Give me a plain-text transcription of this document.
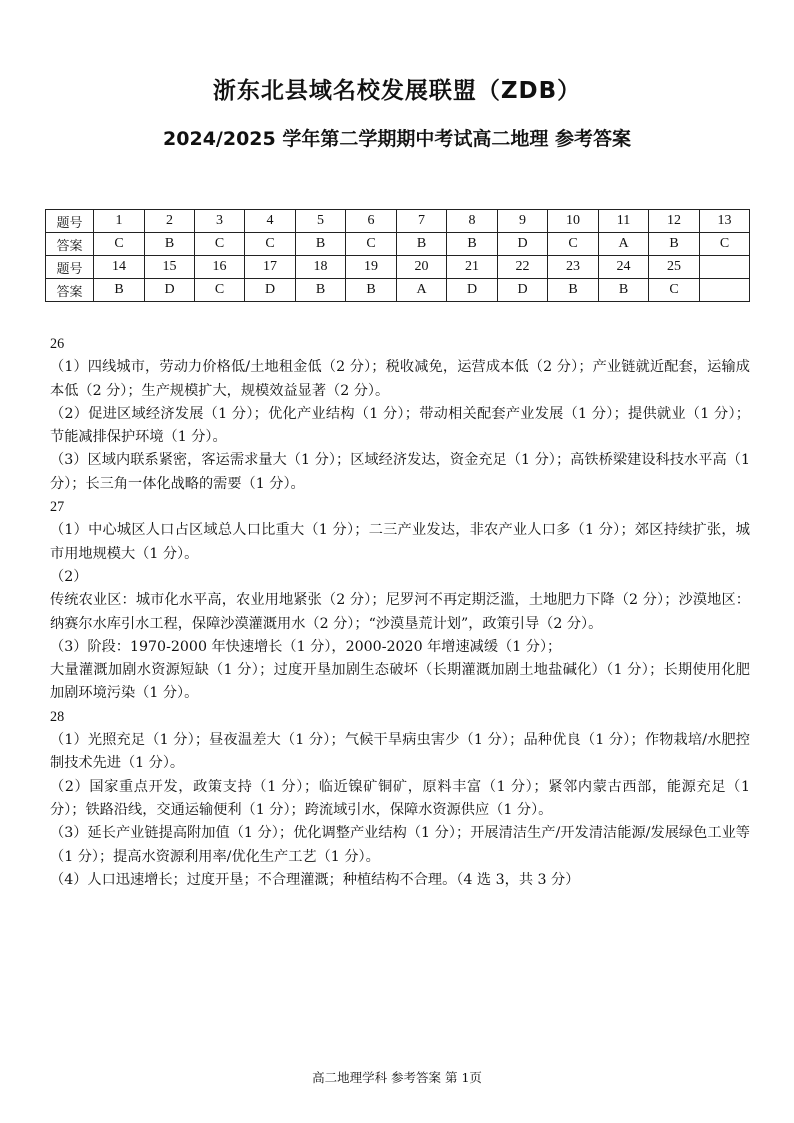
浙东北县域名校发展联盟（ZDB）
2024/2025 学年第二学期期中考试高二地理 参考答案
题号	1	2	3	4	5	6	7	8	9	10	11	12	13
答案	C	B	C	C	B	C	B	B	D	C	A	B	C
题号	14	15	16	17	18	19	20	21	22	23	24	25	
答案	B	D	C	D	B	B	A	D	D	B	B	C	

26

（1）四线城市，劳动力价格低/土地租金低（2 分）；税收减免，运营成本低（2 分）；产业链就近配套，运输成本低（2 分）；生产规模扩大，规模效益显著（2 分）。

（2）促进区域经济发展（1 分）；优化产业结构（1 分）；带动相关配套产业发展（1 分）；提供就业（1 分）；节能减排保护环境（1 分）。

（3）区域内联系紧密，客运需求量大（1 分）；区域经济发达，资金充足（1 分）；高铁桥梁建设科技水平高（1 分）；长三角一体化战略的需要（1 分）。

27

（1）中心城区人口占区域总人口比重大（1 分）；二三产业发达，非农产业人口多（1 分）；郊区持续扩张，城市用地规模大（1 分）。

（2）

传统农业区：城市化水平高，农业用地紧张（2 分）；尼罗河不再定期泛滥，土地肥力下降（2 分）；沙漠地区：纳赛尔水库引水工程，保障沙漠灌溉用水（2 分）；“沙漠垦荒计划”，政策引导（2 分）。

（3）阶段：1970-2000 年快速增长（1 分），2000-2020 年增速减缓（1 分）；

大量灌溉加剧水资源短缺（1 分）；过度开垦加剧生态破坏（长期灌溉加剧土地盐碱化）（1 分）；长期使用化肥加剧环境污染（1 分）。

28

（1）光照充足（1 分）；昼夜温差大（1 分）；气候干旱病虫害少（1 分）；品种优良（1 分）；作物栽培/水肥控制技术先进（1 分）。

（2）国家重点开发，政策支持（1 分）；临近镍矿铜矿，原料丰富（1 分）；紧邻内蒙古西部，能源充足（1 分）；铁路沿线，交通运输便利（1 分）；跨流域引水，保障水资源供应（1 分）。

（3）延长产业链提高附加值（1 分）；优化调整产业结构（1 分）；开展清洁生产/开发清洁能源/发展绿色工业等（1 分）；提高水资源利用率/优化生产工艺（1 分）。

（4）人口迅速增长；过度开垦；不合理灌溉；种植结构不合理。（4 选 3，共 3 分）

高二地理学科 参考答案 第 1页
